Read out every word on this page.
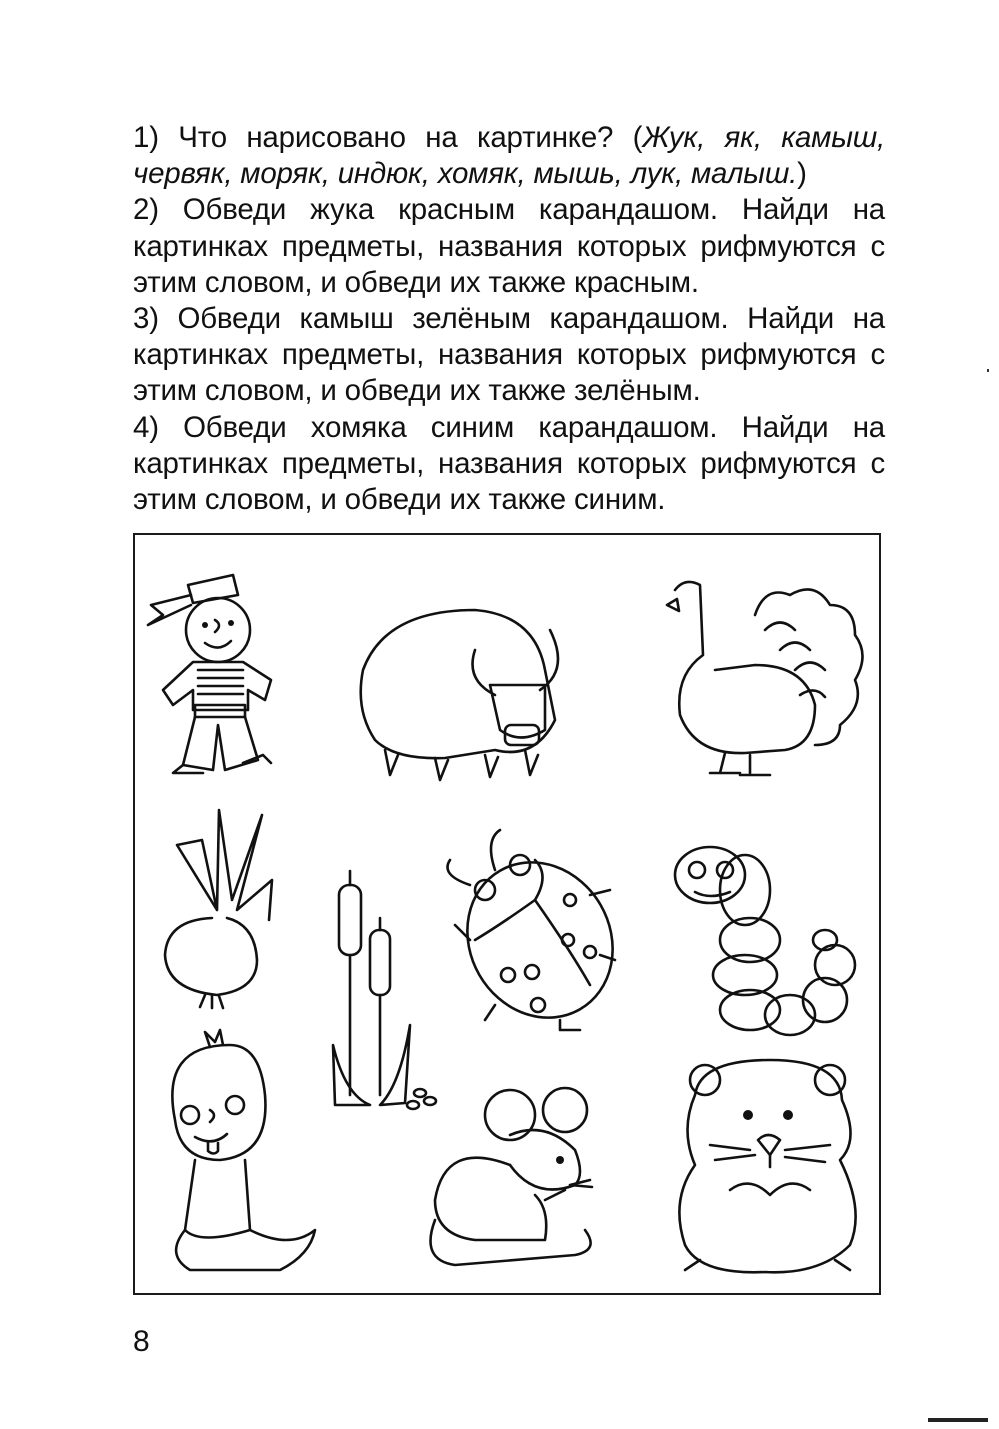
1) Что нарисовано на картинке? (Жук, як, камыш, червяк, моряк, индюк, хомяк, мышь, лук, малыш.)

2) Обведи жука красным карандашом. Найди на картинках предметы, названия которых рифмуются с этим словом, и обведи их также красным.

3) Обведи камыш зелёным карандашом. Найди на картинках предметы, названия которых рифмуются с этим словом, и обведи их также зелёным.

4) Обведи хомяка синим карандашом. Найди на картинках предметы, названия которых рифмуются с этим словом, и обведи их также синим.

8
